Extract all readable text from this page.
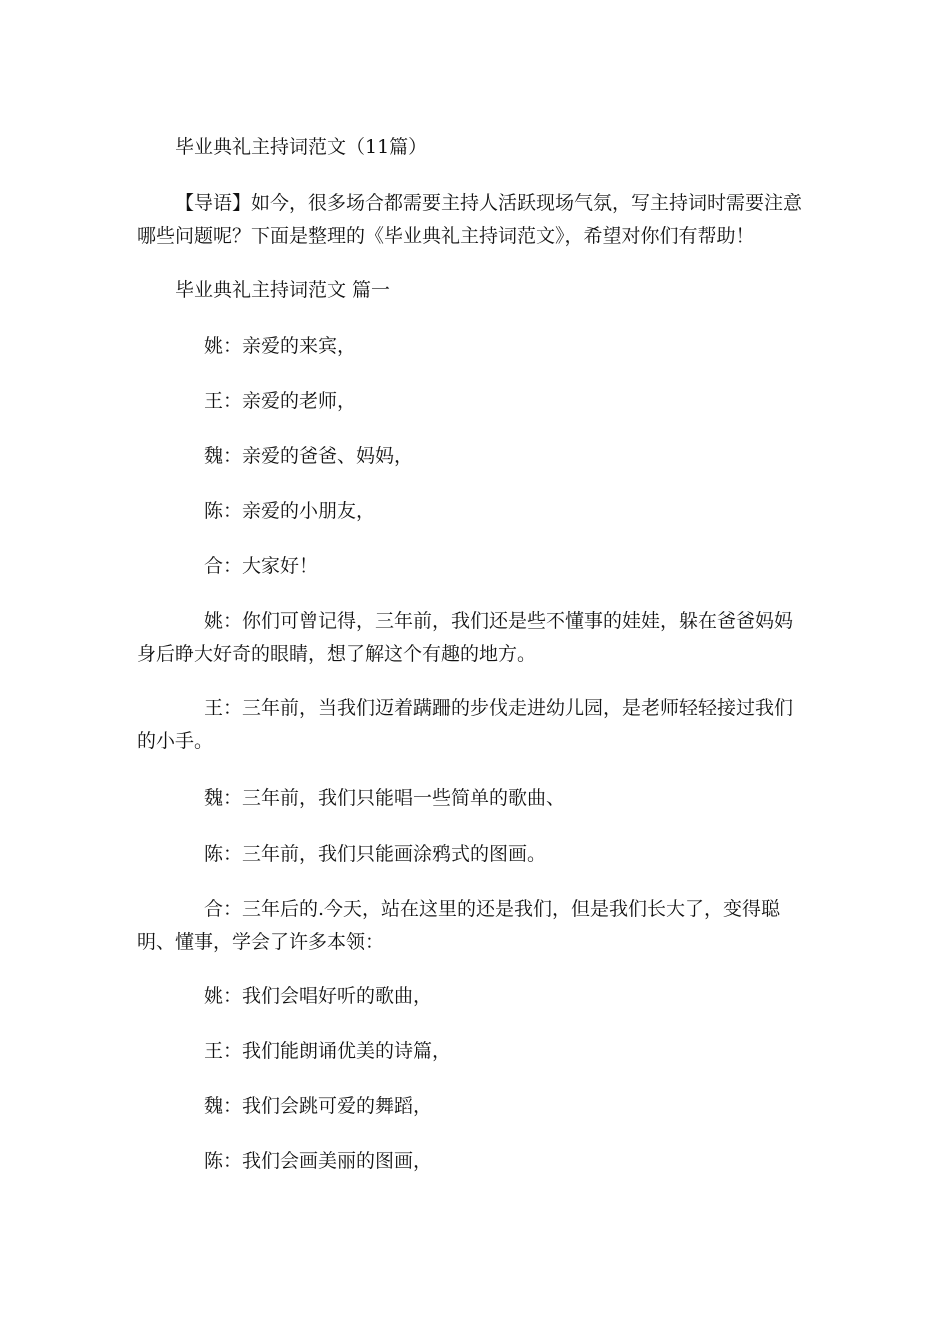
毕业典礼主持词范文（11篇）

【导语】如今，很多场合都需要主持人活跃现场气氛，写主持词时需要注意哪些问题呢？下面是整理的《毕业典礼主持词范文》，希望对你们有帮助！

毕业典礼主持词范文 篇一

姚：亲爱的来宾，

王：亲爱的老师，

魏：亲爱的爸爸、妈妈，

陈：亲爱的小朋友，

合：大家好！

姚：你们可曾记得，三年前，我们还是些不懂事的娃娃，躲在爸爸妈妈身后睁大好奇的眼睛，想了解这个有趣的地方。

王：三年前，当我们迈着蹒跚的步伐走进幼儿园，是老师轻轻接过我们的小手。

魏：三年前，我们只能唱一些简单的歌曲、

陈：三年前，我们只能画涂鸦式的图画。

合：三年后的.今天，站在这里的还是我们，但是我们长大了，变得聪明、懂事，学会了许多本领：

姚：我们会唱好听的歌曲，

王：我们能朗诵优美的诗篇，

魏：我们会跳可爱的舞蹈，

陈：我们会画美丽的图画，
